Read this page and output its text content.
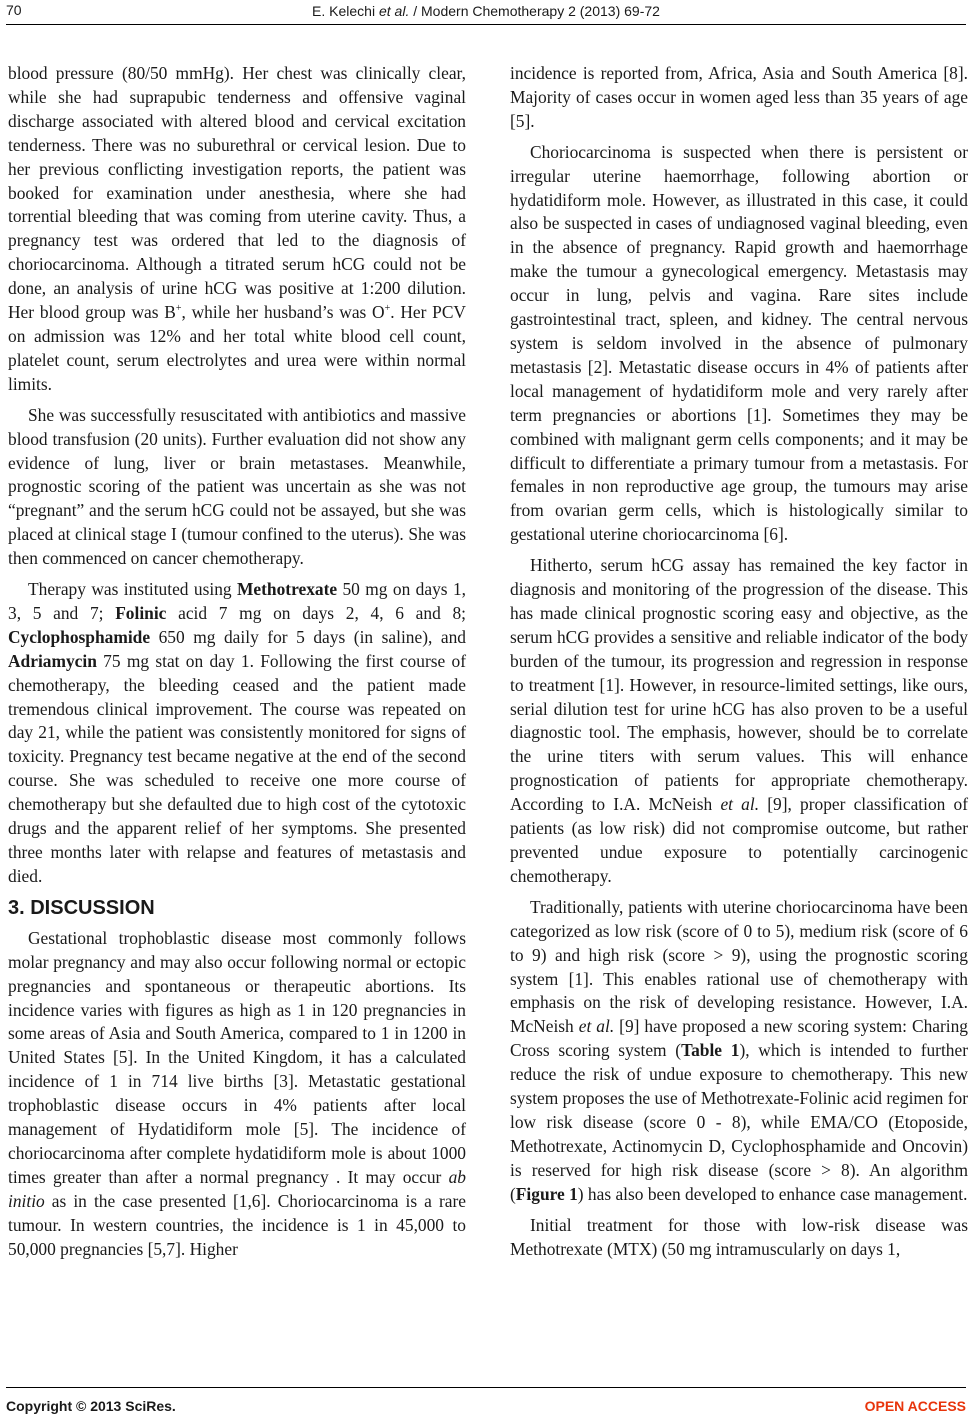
70	E. Kelechi et al. / Modern Chemotherapy 2 (2013) 69-72

blood pressure (80/50 mmHg). Her chest was clinically clear, while she had suprapubic tenderness and offensive vaginal discharge associated with altered blood and cervical excitation tenderness. There was no suburethral or cervical lesion. Due to her previous conflicting investigation reports, the patient was booked for examination under anesthesia, where she had torrential bleeding that was coming from uterine cavity. Thus, a pregnancy test was ordered that led to the diagnosis of choriocarcinoma. Although a titrated serum hCG could not be done, an analysis of urine hCG was positive at 1:200 dilution. Her blood group was B+, while her husband’s was O+. Her PCV on admission was 12% and her total white blood cell count, platelet count, serum electrolytes and urea were within normal limits.

She was successfully resuscitated with antibiotics and massive blood transfusion (20 units). Further evaluation did not show any evidence of lung, liver or brain metastases. Meanwhile, prognostic scoring of the patient was uncertain as she was not “pregnant” and the serum hCG could not be assayed, but she was placed at clinical stage I (tumour confined to the uterus). She was then commenced on cancer chemotherapy.

Therapy was instituted using Methotrexate 50 mg on days 1, 3, 5 and 7; Folinic acid 7 mg on days 2, 4, 6 and 8; Cyclophosphamide 650 mg daily for 5 days (in saline), and Adriamycin 75 mg stat on day 1. Following the first course of chemotherapy, the bleeding ceased and the patient made tremendous clinical improvement. The course was repeated on day 21, while the patient was consistently monitored for signs of toxicity. Pregnancy test became negative at the end of the second course. She was scheduled to receive one more course of chemotherapy but she defaulted due to high cost of the cytotoxic drugs and the apparent relief of her symptoms. She presented three months later with relapse and features of metastasis and died.

3. DISCUSSION

Gestational trophoblastic disease most commonly follows molar pregnancy and may also occur following normal or ectopic pregnancies and spontaneous or therapeutic abortions. Its incidence varies with figures as high as 1 in 120 pregnancies in some areas of Asia and South America, compared to 1 in 1200 in United States [5]. In the United Kingdom, it has a calculated incidence of 1 in 714 live births [3]. Metastatic gestational trophoblastic disease occurs in 4% patients after local management of Hydatidiform mole [5]. The incidence of choriocarcinoma after complete hydatidiform mole is about 1000 times greater than after a normal pregnancy . It may occur ab initio as in the case presented [1,6]. Choriocarcinoma is a rare tumour. In western countries, the incidence is 1 in 45,000 to 50,000 pregnancies [5,7]. Higher

incidence is reported from, Africa, Asia and South America [8]. Majority of cases occur in women aged less than 35 years of age [5].

Choriocarcinoma is suspected when there is persistent or irregular uterine haemorrhage, following abortion or hydatidiform mole. However, as illustrated in this case, it could also be suspected in cases of undiagnosed vaginal bleeding, even in the absence of pregnancy. Rapid growth and haemorrhage make the tumour a gynecological emergency. Metastasis may occur in lung, pelvis and vagina. Rare sites include gastrointestinal tract, spleen, and kidney. The central nervous system is seldom involved in the absence of pulmonary metastasis [2]. Metastatic disease occurs in 4% of patients after local management of hydatidiform mole and very rarely after term pregnancies or abortions [1]. Sometimes they may be combined with malignant germ cells components; and it may be difficult to differentiate a primary tumour from a metastasis. For females in non reproductive age group, the tumours may arise from ovarian germ cells, which is histologically similar to gestational uterine choriocarcinoma [6].

Hitherto, serum hCG assay has remained the key factor in diagnosis and monitoring of the progression of the disease. This has made clinical prognostic scoring easy and objective, as the serum hCG provides a sensitive and reliable indicator of the body burden of the tumour, its progression and regression in response to treatment [1]. However, in resource-limited settings, like ours, serial dilution test for urine hCG has also proven to be a useful diagnostic tool. The emphasis, however, should be to correlate the urine titers with serum values. This will enhance prognostication of patients for appropriate chemotherapy. According to I.A. McNeish et al. [9], proper classification of patients (as low risk) did not compromise outcome, but rather prevented undue exposure to potentially carcinogenic chemotherapy.

Traditionally, patients with uterine choriocarcinoma have been categorized as low risk (score of 0 to 5), medium risk (score of 6 to 9) and high risk (score > 9), using the prognostic scoring system [1]. This enables rational use of chemotherapy with emphasis on the risk of developing resistance. However, I.A. McNeish et al. [9] have proposed a new scoring system: Charing Cross scoring system (Table 1), which is intended to further reduce the risk of undue exposure to chemotherapy. This new system proposes the use of Methotrexate-Folinic acid regimen for low risk disease (score 0 - 8), while EMA/CO (Etoposide, Methotrexate, Actinomycin D, Cyclophosphamide and Oncovin) is reserved for high risk disease (score > 8). An algorithm (Figure 1) has also been developed to enhance case management.

Initial treatment for those with low-risk disease was Methotrexate (MTX) (50 mg intramuscularly on days 1,

Copyright © 2013 SciRes.	OPEN ACCESS
